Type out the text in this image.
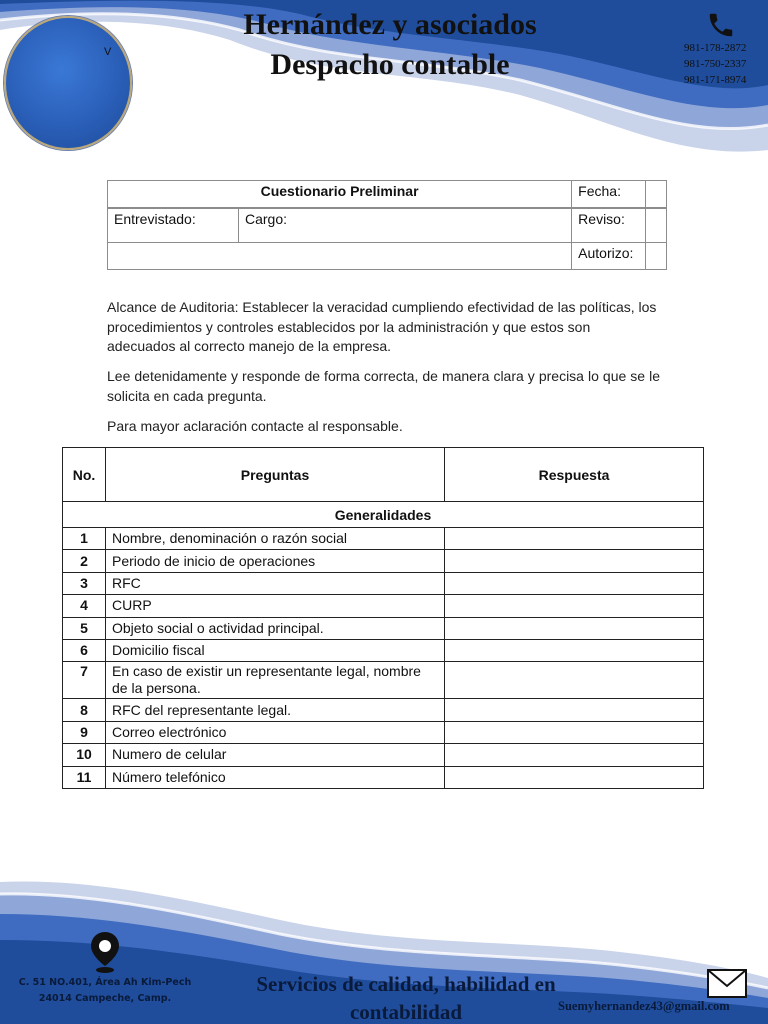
V
Hernández y asociados
Despacho contable	981-178-2872
981-750-2337
981-171-8974
Cuestionario Preliminar		Fecha:	
Entrevistado:	Cargo:	Reviso:	
		Autorizo:	

Alcance de Auditoria: Establecer la veracidad cumpliendo efectividad de las políticas, los procedimientos y controles establecidos por la administración y que estos son adecuados al correcto manejo de la empresa.

Lee detenidamente y responde de forma correcta, de manera clara y precisa lo que se le solicita en cada pregunta.

Para mayor aclaración contacte al responsable.

No.	Preguntas	Respuesta
Generalidades		
1	Nombre, denominación o razón social	
2	Periodo de inicio de operaciones	
3	RFC	
4	CURP	
5	Objeto social o actividad principal.	
6	Domicilio fiscal	
7	En caso de existir un representante legal, nombre de la persona.	
8	RFC del representante legal.	
9	Correo electrónico	
10	Numero de celular	
11	Número telefónico	
C. 51 NO.401, Área Ah Kim-Pech
24014 Campeche, Camp.
Servicios de calidad, habilidad en contabilidad	Suemyhernandez43@gmail.com
